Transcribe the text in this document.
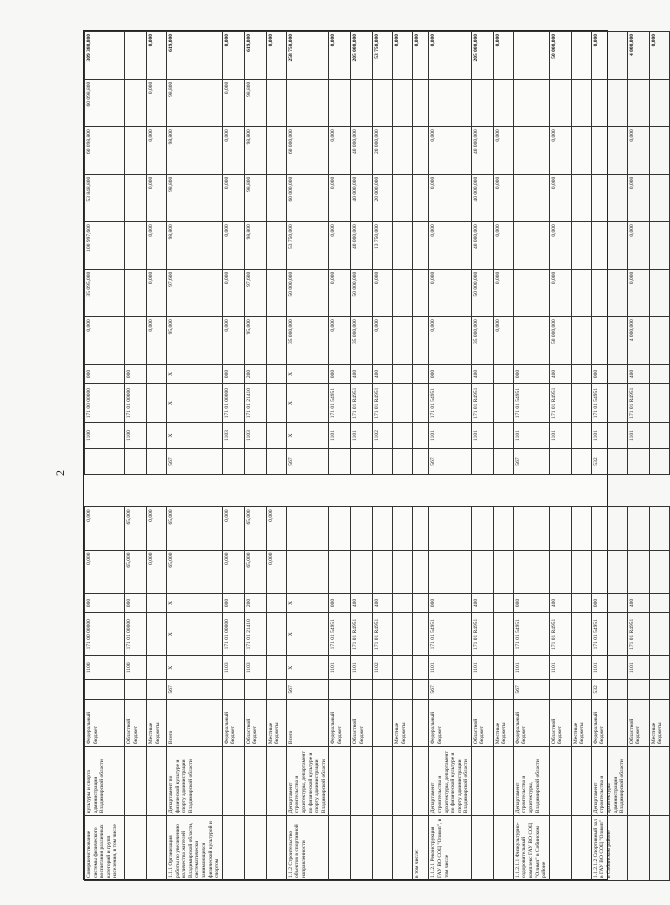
2
Совершенствование системы физического воспитания различных категорий и групп населения, в том числе	культуры и спорта администрации Владимирской области	Федеральный бюджет		1100	171 00 00000	000	0,000	0,000			1100	171 00 00000	000	0,000	35 095,000	100 997,600	53 848,800	60 098,800	60 098,800	309 380,800
		Областной бюджет		1100	171 01 00000	000	65,000	65,000			1100	171 01 00000	000							
		Местные бюджеты					0,000	0,000						0,000	0,000	0,000	0,000	0,000	0,000	0,000
1.1.1 Организация работы по увеличению количества жителей Владимирской области, систематически занимающихся физической культурой и спортом	Департамент по физической культуре и спорту администрации Владимирской области	Всего	567	X	X	X	65,000	65,000		567	X	X	X	95,000	97,600	98,800	98,800	98,800	98,800	619,000
		Федеральный бюджет		1103	171 01 00000	000	0,000	0,000			1103	171 01 00000	000	0,000	0,000	0,000	0,000	0,000	0,000	0,000
		Областной бюджет		1103	171 01 21410	200	65,000	65,000			1103	171 01 21410	200	95,000	97,600	98,800	98,800	98,800	98,800	619,000
		Местные бюджеты					0,000	0,000												0,000
1.1.2 Строительство объектов в спортивной направленности	Департамент строительства и архитектуры, департамент по физической культуре и спорту администрации Владимирской области	Всего	567	X	X	X				567	X	X	X	35 000,000	50 000,000	53 750,000	60 000,000	60 000,000		258 750,000
		Федеральный бюджет		1101	171 01 54951	000					1101	171 01 54951	000	0,000	0,000	0,000	0,000	0,000		0,000
		Областной бюджет		1101	171 01 R4951	400					1101	171 01 R4951	400	35 000,000	50 000,000	40 000,000	40 000,000	40 000,000		205 000,000
				1102	171 01 R4951	400					1102	171 01 R4951	400	0,000	0,000	13 750,000	20 000,000	20 000,000		53 750,000
		Местные бюджеты																		0,000
в том числе:																				0,000
1.1.2.1 Реконструкция ГАУ ВО СОЦ "Олимп", в том числе	Департамент строительства и архитектуры, департамент по физической культуре и спорту администрации Владимирской области	Федеральный бюджет	567	1101	171 01 54951	000				567	1101	171 01 54951	000	0,000	0,000	0,000	0,000	0,000		0,000
		Областной бюджет		1101	171 01 R4951	400					1101	171 01 R4951	400	35 000,000	50 000,000	40 000,000	40 000,000	40 000,000		205 000,000
		Местные бюджеты												0,000	0,000	0,000	0,000	0,000		0,000
1.1.2.1.1 Физкультурно-оздоровительный комплекс ГАУ ВО СОЦ "Олимп" в Собинском районе	Департамент строительства и архитектуры, Владимирской области	Федеральный бюджет	567	1101	171 01 54951	000				567	1101	171 01 54951	000							
		Областной бюджет		1101	171 01 R4951	400					1101	171 01 R4951	400	50 000,000	0,000	0,000	0,000	0,000		50 000,000
		Местные бюджеты																		
1.1.2.1.2 Спортивный зал в ГАУ ВО СОЦ "Олимп" в Собинском районе	Департамент строительства и архитектуры администрации Владимирской области	Федеральный бюджет	532	1101	171 01 54951	000				532	1101	171 01 54951	000							0,000
		Областной бюджет		1101	171 01 R4951	400					1101	171 01 R4951	400	4 000,000	0,000	0,000	0,000	0,000		4 000,000
		Местные бюджеты																		0,000
